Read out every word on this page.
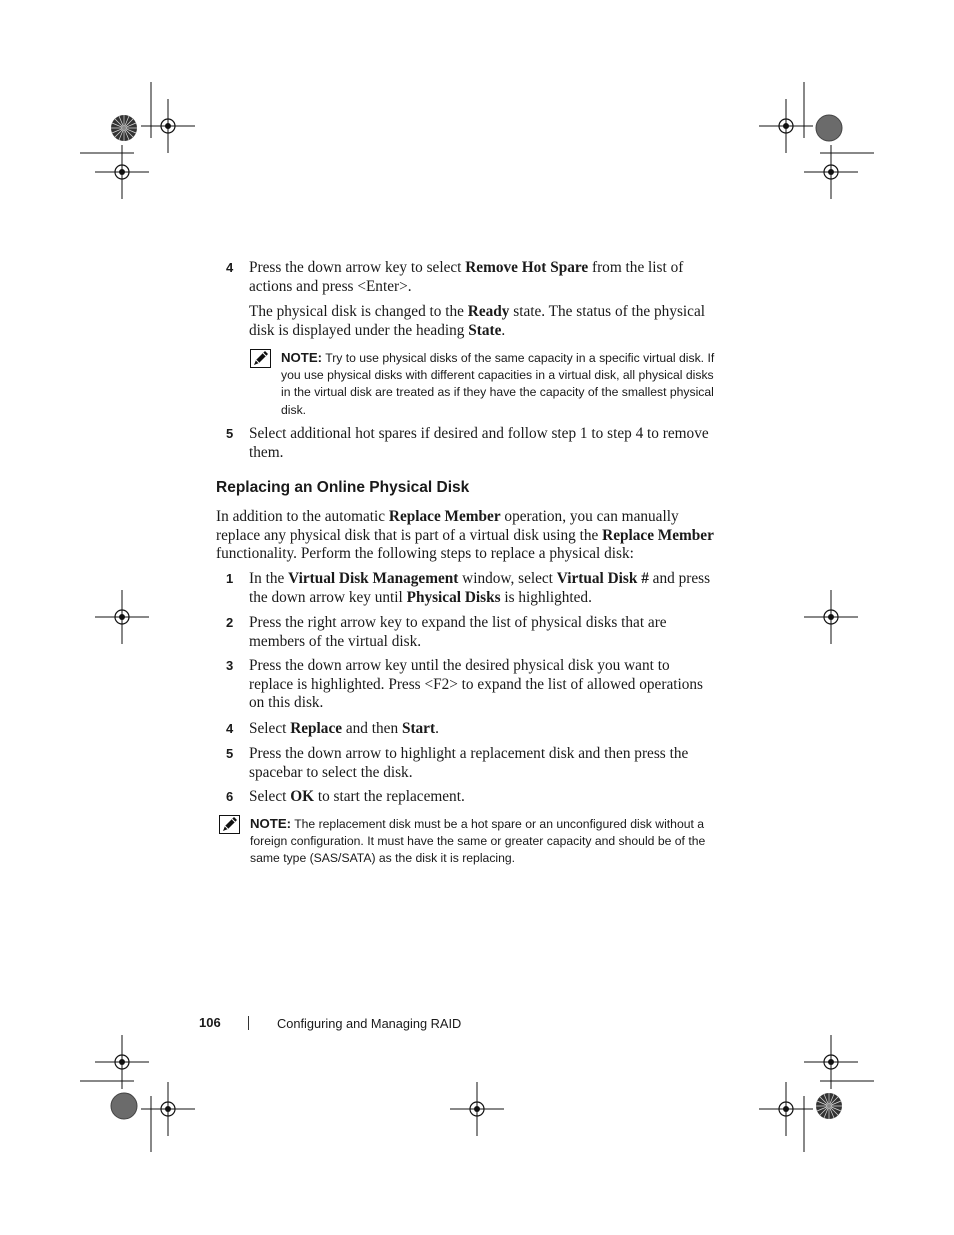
4 Press the down arrow key to select Remove Hot Spare from the list of actions and press <Enter>.
The physical disk is changed to the Ready state. The status of the physical disk is displayed under the heading State.
NOTE: Try to use physical disks of the same capacity in a specific virtual disk. If you use physical disks with different capacities in a virtual disk, all physical disks in the virtual disk are treated as if they have the capacity of the smallest physical disk.
5 Select additional hot spares if desired and follow step 1 to step 4 to remove them.
Replacing an Online Physical Disk
In addition to the automatic Replace Member operation, you can manually replace any physical disk that is part of a virtual disk using the Replace Member functionality. Perform the following steps to replace a physical disk:
1 In the Virtual Disk Management window, select Virtual Disk # and press the down arrow key until Physical Disks is highlighted.
2 Press the right arrow key to expand the list of physical disks that are members of the virtual disk.
3 Press the down arrow key until the desired physical disk you want to replace is highlighted. Press <F2> to expand the list of allowed operations on this disk.
4 Select Replace and then Start.
5 Press the down arrow to highlight a replacement disk and then press the spacebar to select the disk.
6 Select OK to start the replacement.
NOTE: The replacement disk must be a hot spare or an unconfigured disk without a foreign configuration. It must have the same or greater capacity and should be of the same type (SAS/SATA) as the disk it is replacing.
106	Configuring and Managing RAID
